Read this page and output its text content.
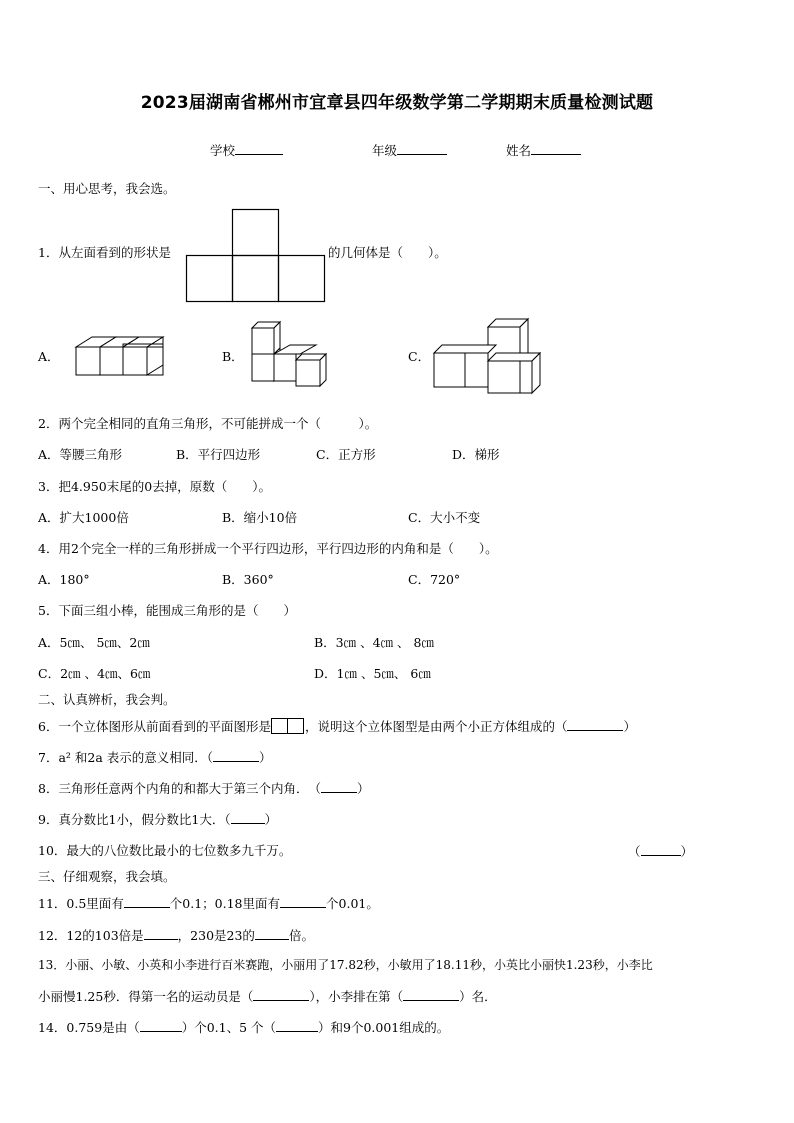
2023届湖南省郴州市宜章县四年级数学第二学期期末质量检测试题
学校	年级	姓名
一、用心思考，我会选。
1．从左面看到的形状是	的几何体是（　　）。
A．	B．	C．
2．两个完全相同的直角三角形，不可能拼成一个（　　　）。
A．等腰三角形	B．平行四边形	C．正方形	D．梯形
3．把4.950末尾的0去掉，原数（　　）。
A．扩大1000倍	B．缩小10倍	C．大小不变
4．用2个完全一样的三角形拼成一个平行四边形，平行四边形的内角和是（　　）。
A．180°	B．360°	C．720°
5．下面三组小棒，能围成三角形的是（　　）
A．5㎝、 5㎝、2㎝	B．3㎝ 、4㎝ 、 8㎝
C．2㎝ 、4㎝、6㎝	D．1㎝ 、5㎝、 6㎝
二、认真辨析，我会判。
6．一个立体图形从前面看到的平面图形是	，说明这个立体图型是由两个小正方体组成的（	）
7．a² 和2a 表示的意义相同．（	）
8．三角形任意两个内角的和都大于第三个内角．　（	）
9．真分数比1小，假分数比1大．（	）
10．最大的八位数比最小的七位数多九千万。	（	）
三、仔细观察，我会填。
11．0.5里面有	个0.1；0.18里面有	个0.01。
12．12的103倍是	，230是23的	倍。
13．小丽、小敏、小英和小李进行百米赛跑，小丽用了17.82秒，小敏用了18.11秒，小英比小丽快1.23秒，小李比
小丽慢1.25秒．得第一名的运动员是（	），小李排在第（	）名．
14．0.759是由（	）个0.1、5 个（	）和9个0.001组成的。
